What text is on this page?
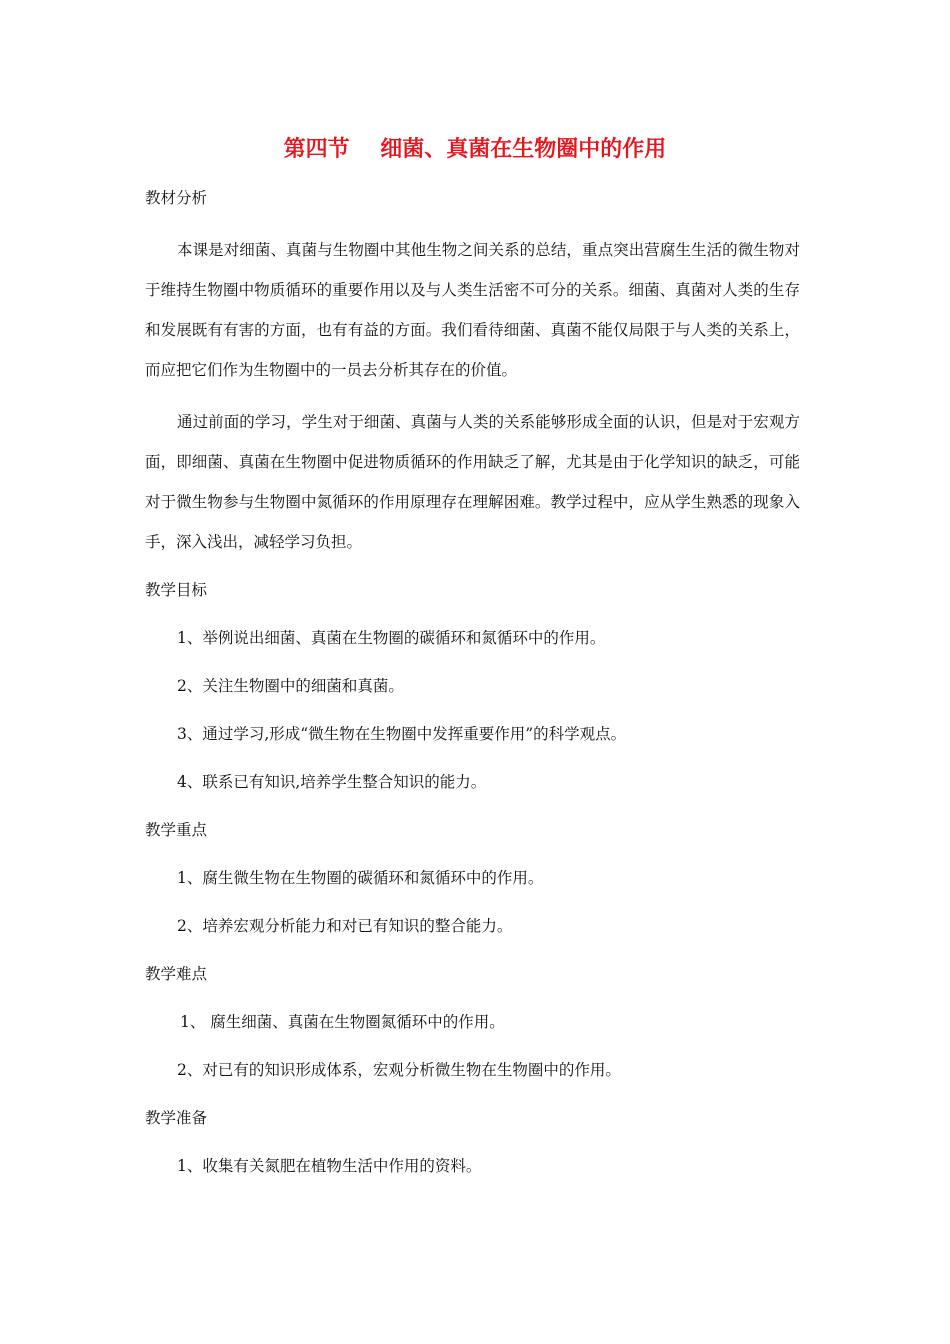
第四节    细菌、真菌在生物圈中的作用
教材分析

本课是对细菌、真菌与生物圈中其他生物之间关系的总结，重点突出营腐生生活的微生物对于维持生物圈中物质循环的重要作用以及与人类生活密不可分的关系。细菌、真菌对人类的生存和发展既有有害的方面，也有有益的方面。我们看待细菌、真菌不能仅局限于与人类的关系上，而应把它们作为生物圈中的一员去分析其存在的价值。

通过前面的学习，学生对于细菌、真菌与人类的关系能够形成全面的认识，但是对于宏观方面，即细菌、真菌在生物圈中促进物质循环的作用缺乏了解，尤其是由于化学知识的缺乏，可能对于微生物参与生物圈中氮循环的作用原理存在理解困难。教学过程中，应从学生熟悉的现象入手，深入浅出，减轻学习负担。

教学目标
1、举例说出细菌、真菌在生物圈的碳循环和氮循环中的作用。
2、关注生物圈中的细菌和真菌。
3、通过学习,形成“微生物在生物圈中发挥重要作用”的科学观点。
4、联系已有知识,培养学生整合知识的能力。
教学重点
1、腐生微生物在生物圈的碳循环和氮循环中的作用。
2、培养宏观分析能力和对已有知识的整合能力。
教学难点
1、 腐生细菌、真菌在生物圈氮循环中的作用。
2、对已有的知识形成体系，宏观分析微生物在生物圈中的作用。
教学准备
1、收集有关氮肥在植物生活中作用的资料。
